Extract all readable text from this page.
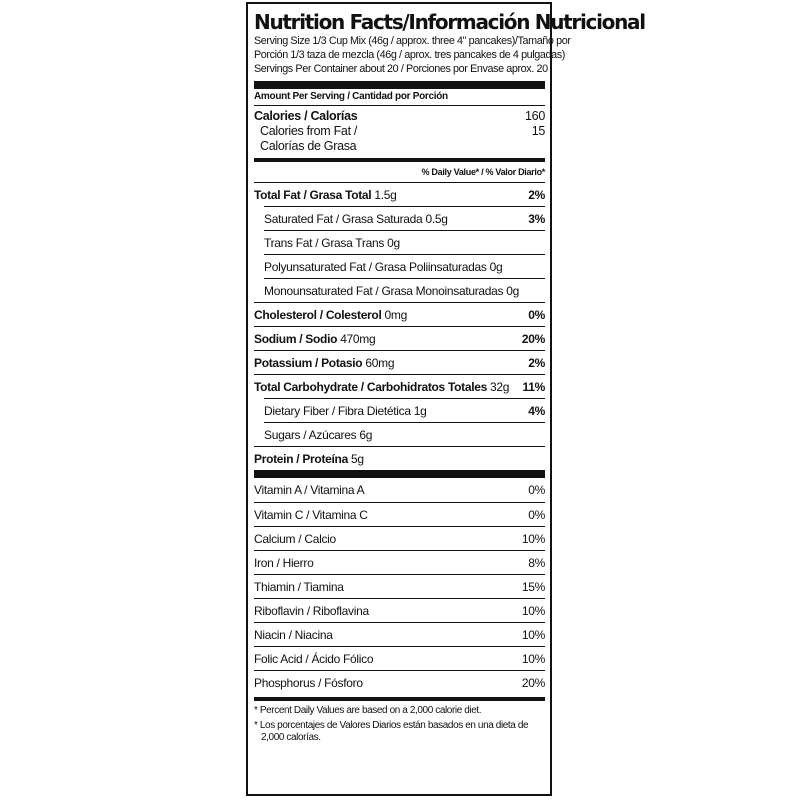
Nutrition Facts/Información Nutricional
Serving Size 1/3 Cup Mix (46g / approx. three 4" pancakes)/Tamaño por
Porción 1/3 taza de mezcla (46g / aprox. tres pancakes de 4 pulgadas)
Servings Per Container about 20 / Porciones por Envase aprox. 20
Amount Per Serving / Cantidad por Porción
Calories / Calorías	160
Calories from Fat /	15
Calorías de Grasa
% Daily Value* / % Valor Diario*
Total Fat / Grasa Total 1.5g	2%
Saturated Fat / Grasa Saturada 0.5g	3%
Trans Fat / Grasa Trans 0g
Polyunsaturated Fat / Grasa Poliinsaturadas 0g
Monounsaturated Fat / Grasa Monoinsaturadas 0g
Cholesterol / Colesterol 0mg	0%
Sodium / Sodio 470mg	20%
Potassium / Potasio 60mg	2%
Total Carbohydrate / Carbohidratos Totales 32g 11%
Dietary Fiber / Fibra Dietética 1g	4%
Sugars / Azúcares 6g
Protein / Proteína 5g
Vitamin A / Vitamina A	0%
Vitamin C / Vitamina C	0%
Calcium / Calcio	10%
Iron / Hierro	8%
Thiamin / Tiamina	15%
Riboflavin / Riboflavina	10%
Niacin / Niacina	10%
Folic Acid / Ácido Fólico	10%
Phosphorus / Fósforo	20%
* Percent Daily Values are based on a 2,000 calorie diet.
* Los porcentajes de Valores Diarios están basados en una dieta de
2,000 calorías.
